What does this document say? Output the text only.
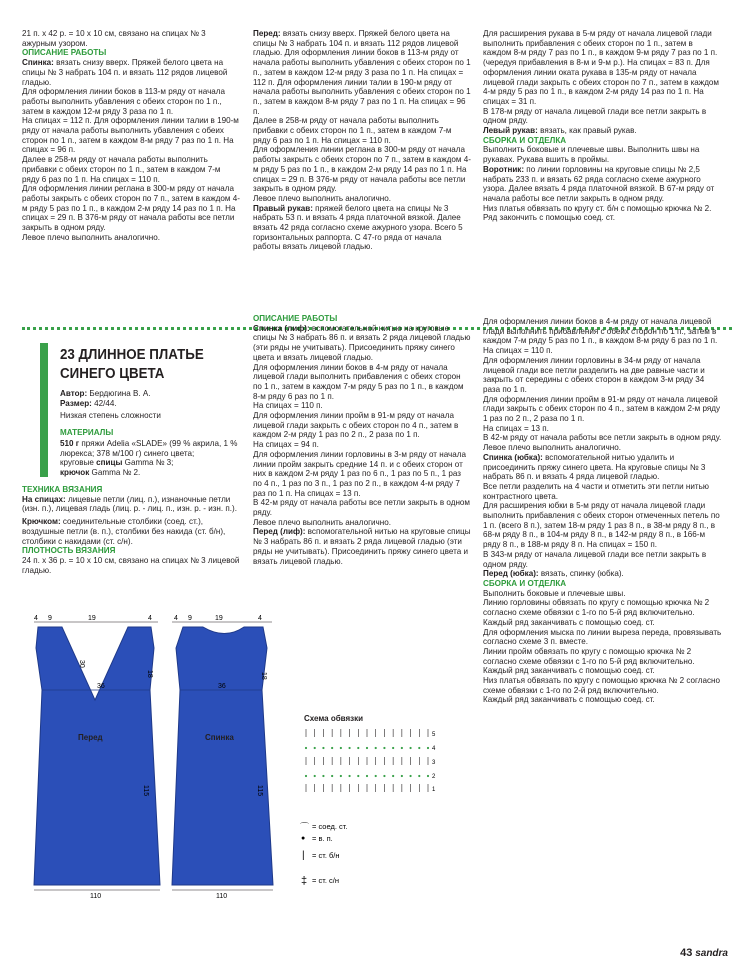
21 п. x 42 р. = 10 х 10 см, связано на спицах № 3 ажурным узором.

ОПИСАНИЕ РАБОТЫ

Спинка: вязать снизу вверх. Пряжей белого цвета на спицы № 3 набрать 104 п. и вязать 112 рядов лицевой гладью.

Для оформления линии боков в 113-м ряду от начала работы выполнить убавления с обеих сторон по 1 п., затем в каждом 12-м ряду 3 раза по 1 п.

На спицах = 112 п. Для оформления линии талии в 190-м ряду от начала работы выполнить убавления с обеих сторон по 1 п., затем в каждом 8-м ряду 7 раз по 1 п. На спицах = 96 п.

Далее в 258-м ряду от начала работы выполнить прибавки с обеих сторон по 1 п., затем в каждом 7-м ряду 6 раз по 1 п. На спицах = 110 п.

Для оформления линии реглана в 300-м ряду от начала работы закрыть с обеих сторон по 7 п., затем в каждом 4-м ряду 5 раз по 1 п., в каждом 2-м ряду 14 раз по 1 п. На спицах = 29 п. В 376-м ряду от начала работы все петли закрыть в одном ряду.

Левое плечо выполнить аналогично.

Перед: вязать снизу вверх. Пряжей белого цвета на спицы № 3 набрать 104 п. и вязать 112 рядов лицевой гладью. Для оформления линии боков в 113-м ряду от начала работы выполнить убавления с обеих сторон по 1 п., затем в каждом 12-м ряду 3 раза по 1 п. На спицах = 112 п. Для оформления линии талии в 190-м ряду от начала работы выполнить убавления с обеих сторон по 1 п., затем в каждом 8-м ряду 7 раз по 1 п. На спицах = 96 п.

Далее в 258-м ряду от начала работы выполнить прибавки с обеих сторон по 1 п., затем в каждом 7-м ряду 6 раз по 1 п. На спицах = 110 п.

Для оформления линии реглана в 300-м ряду от начала работы закрыть с обеих сторон по 7 п., затем в каждом 4-м ряду 5 раз по 1 п., в каждом 2-м ряду 14 раз по 1 п. На спицах = 29 п. В 376-м ряду от начала работы все петли закрыть в одном ряду.

Левое плечо выполнить аналогично.

Правый рукав: пряжей белого цвета на спицы № 3 набрать 53 п. и вязать 4 ряда платочной вязкой. Далее вязать 42 ряда согласно схеме ажурного узора. Всего 5 горизонтальных раппорта. С 47-го ряда от начала работы вязать лицевой гладью.

Для расширения рукава в 5-м ряду от начала лицевой глади выполнить прибавления с обеих сторон по 1 п., затем в каждом 8-м ряду 7 раз по 1 п., в каждом 9-м ряду 7 раз по 1 п. (чередуя прибавления в 8-м и 9-м р.). На спицах = 83 п. Для оформления линии оката рукава в 135-м ряду от начала лицевой глади закрыть с обеих сторон по 7 п., затем в каждом 4-м ряду 5 раз по 1 п., в каждом 2-м ряду 14 раз по 1 п. На спицах = 31 п.

В 178-м ряду от начала лицевой глади все петли закрыть в одном ряду.

Левый рукав: вязать, как правый рукав.

СБОРКА И ОТДЕЛКА

Выполнить боковые и плечевые швы. Выполнить швы на рукавах. Рукава вшить в проймы.

Воротник: по линии горловины на круговые спицы № 2,5 набрать 233 п. и вязать 62 ряда согласно схеме ажурного узора. Далее вязать 4 ряда платочной вязкой. В 67-м ряду от начала работы все петли закрыть в одном ряду.

Низ платья обвязать по кругу ст. б/н с помощью крючка № 2. Ряд закончить с помощью соед. ст.

23 ДЛИННОЕ ПЛАТЬЕ СИНЕГО ЦВЕТА

Автор: Бердюгина В. А.

Размер: 42/44.

Низкая степень сложности

МАТЕРИАЛЫ

510 г пряжи Adelia «SLADE» (99 % акрила, 1 % люрекса; 378 м/100 г) синего цвета;

круговые спицы Gamma № 3;

крючок Gamma № 2.

ТЕХНИКА ВЯЗАНИЯ

На спицах: лицевые петли (лиц. п.), изнаночные петли (изн. п.), лицевая гладь (лиц. р. - лиц. п., изн. р. - изн. п.).

Крючком: соединительные столбики (соед. ст.), воздушные петли (в. п.), столбики без накида (ст. б/н), столбики с накидами (ст. с/н).

ПЛОТНОСТЬ ВЯЗАНИЯ

24 п. х 36 р. = 10 х 10 см, связано на спицах № 3 лицевой гладью.

ОПИСАНИЕ РАБОТЫ

Спинка (лиф): вспомогательной нитью на круговые спицы № 3 набрать 86 п. и вязать 2 ряда лицевой гладью (эти ряды не учитывать). Присоединить пряжу синего цвета и вязать лицевой гладью.

Для оформления линии боков в 4-м ряду от начала лицевой глади выполнить прибавления с обеих сторон по 1 п., затем в каждом 7-м ряду 5 раз по 1 п., в каждом 8-м ряду 6 раз по 1 п.

На спицах = 110 п.

Для оформления линии пройм в 91-м ряду от начала лицевой глади закрыть с обеих сторон по 4 п., затем в каждом 2-м ряду 1 раз по 2 п., 2 раза по 1 п.

На спицах = 94 п.

Для оформления линии горловины в 3-м ряду от начала линии пройм закрыть средние 14 п. и с обеих сторон от них в каждом 2-м ряду 1 раз по 6 п., 1 раз по 5 п., 1 раз по 4 п., 1 раз по 3 п., 1 раз по 2 п., в каждом 4-м ряду 7 раз по 1 п. На спицах = 13 п.

В 42-м ряду от начала работы все петли закрыть в одном ряду.

Левое плечо выполнить аналогично.

Перед (лиф): вспомогательной нитью на круговые спицы № 3 набрать 86 п. и вязать 2 ряда лицевой гладью (эти ряды не учитывать). Присоединить пряжу синего цвета и вязать лицевой гладью.

Для оформления линии боков в 4-м ряду от начала лицевой глади выполнить прибавления с обеих сторон по 1 п., затем в каждом 7-м ряду 5 раз по 1 п., в каждом 8-м ряду 6 раз по 1 п.

На спицах = 110 п.

Для оформления линии горловины в 34-м ряду от начала лицевой глади все петли разделить на две равные части и закрыть от середины с обеих сторон в каждом 3-м ряду 34 раза по 1 п.

Для оформления линии пройм в 91-м ряду от начала лицевой глади закрыть с обеих сторон по 4 п., затем в каждом 2-м ряду 1 раз по 2 п., 2 раза по 1 п.

На спицах = 13 п.

В 42-м ряду от начала работы все петли закрыть в одном ряду.

Левое плечо выполнить аналогично.

Спинка (юбка): вспомогательной нитью удалить и присоединить пряжу синего цвета. На круговые спицы № 3 набрать 86 п. и вязать 4 ряда лицевой гладью.

Все петли разделить на 4 части и отметить эти петли нитью контрастного цвета.

Для расширения юбки в 5-м ряду от начала лицевой глади выполнить прибавления с обеих сторон отмеченных петель по 1 п. (всего 8 п.), затем 18-м ряду 1 раз 8 п., в 38-м ряду 8 п., в 68-м ряду 8 п., в 104-м ряду 8 п., в 142-м ряду 8 п., в 166-м ряду 8 п., в 188-м ряду 8 п. На спицах = 150 п.

В 343-м ряду от начала лицевой глади все петли закрыть в одном ряду.

Перед (юбка): вязать, спинку (юбка).

СБОРКА И ОТДЕЛКА

Выполнить боковые и плечевые швы.

Линию горловины обвязать по кругу с помощью крючка № 2 согласно схеме обвязки с 1-го по 5-й ряд включительно.

Каждый ряд заканчивать с помощью соед. ст.

Для оформления мыска по линии выреза переда, провязывать согласно схеме 3 п. вместе.

Линии пройм обвязать по кругу с помощью крючка № 2 согласно схеме обвязки с 1-го по 5-й ряд включительно.

Каждый ряд заканчивать с помощью соед. ст.

Низ платья обвязать по кругу с помощью крючка № 2 согласно схеме обвязки с 1-го по 2-й ряд включительно.

Каждый ряд заканчивать с помощью соед. ст.

4 9	19	4
30
36
18
115
110
4 9	19	4
36
18
115
110
Перед	Спинка
Схема обвязки
5
4
3
2
1
⌒ = соед. ст.
● = в. п.
| = ст. б/н
‡ = ст. с/н
43 sandra
